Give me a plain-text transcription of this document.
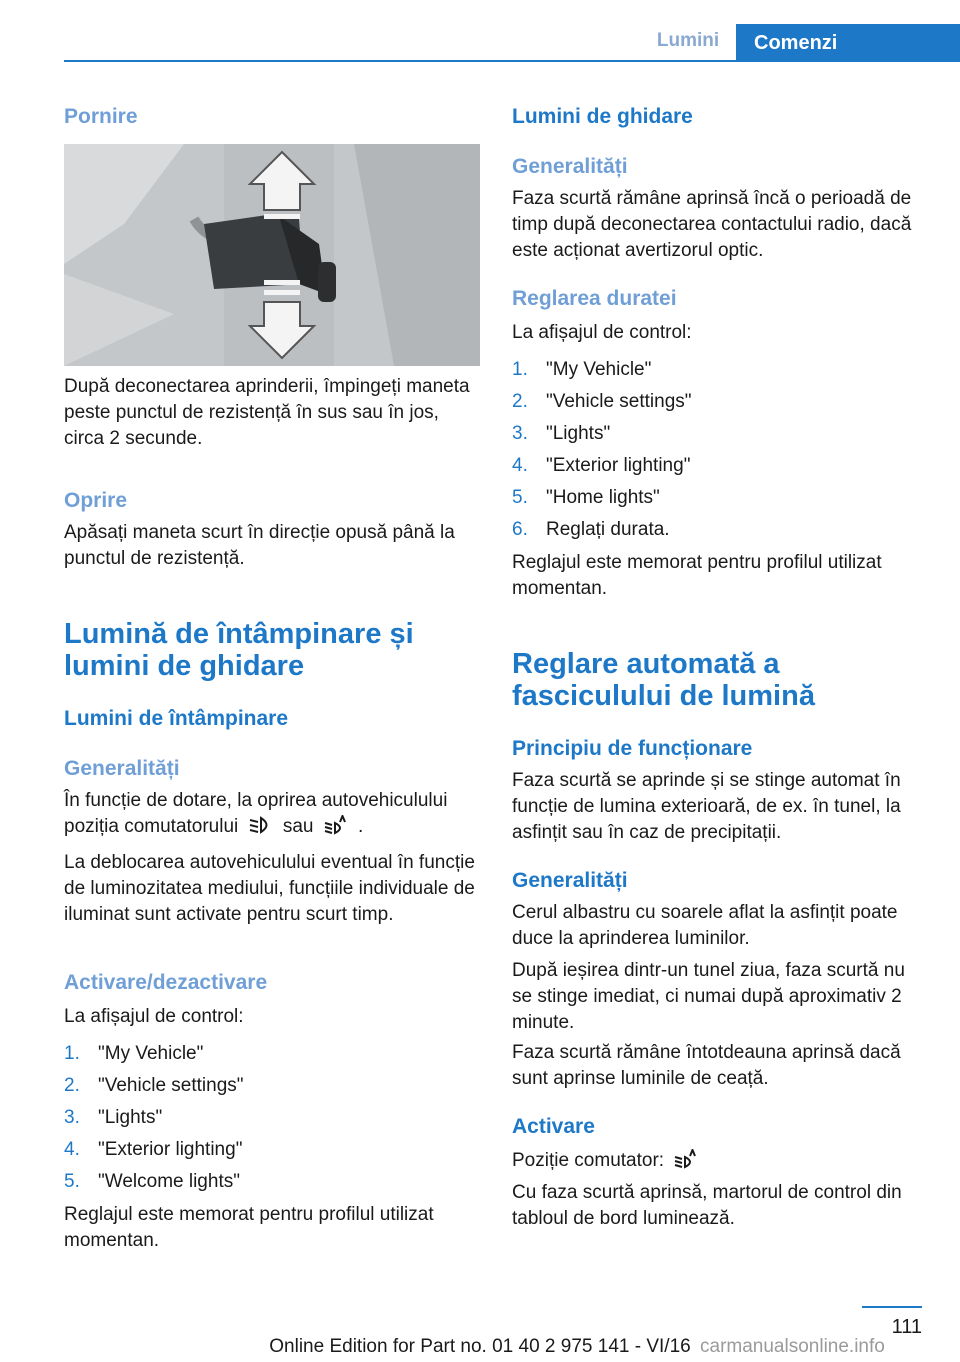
Lumini	Comenzi
Pornire

După deconectarea aprinderii, împingeți maneta peste punctul de rezistență în sus sau în jos, circa 2 secunde.

Oprire

Apăsați maneta scurt în direcție opusă până la punctul de rezistență.

Lumină de întâmpinare și lumini de ghidare
Lumini de întâmpinare
Generalități

În funcție de dotare, la oprirea autovehiculului poziția comutatorului sau .

La deblocarea autovehiculului eventual în funcție de luminozitatea mediului, funcțiile individuale de iluminat sunt activate pentru scurt timp.

Activare/dezactivare

La afișajul de control:

1. "My Vehicle"
2. "Vehicle settings"
3. "Lights"
4. "Exterior lighting"
5. "Welcome lights"

Reglajul este memorat pentru profilul utilizat momentan.

Lumini de ghidare
Generalități

Faza scurtă rămâne aprinsă încă o perioadă de timp după deconectarea contactului radio, dacă este acționat avertizorul optic.

Reglarea duratei

La afișajul de control:

1. "My Vehicle"
2. "Vehicle settings"
3. "Lights"
4. "Exterior lighting"
5. "Home lights"
6. Reglați durata.

Reglajul este memorat pentru profilul utilizat momentan.

Reglare automată a fasciculului de lumină
Principiu de funcționare

Faza scurtă se aprinde și se stinge automat în funcție de lumina exterioară, de ex. în tunel, la asfințit sau în caz de precipitații.

Generalități

Cerul albastru cu soarele aflat la asfințit poate duce la aprinderea luminilor.

După ieșirea dintr-un tunel ziua, faza scurtă nu se stinge imediat, ci numai după aproximativ 2 minute.

Faza scurtă rămâne întotdeauna aprinsă dacă sunt aprinse luminile de ceață.

Activare

Poziție comutator:

Cu faza scurtă aprinsă, martorul de control din tabloul de bord luminează.

111
Online Edition for Part no. 01 40 2 975 141 - VI/16 carmanualsonline.info
